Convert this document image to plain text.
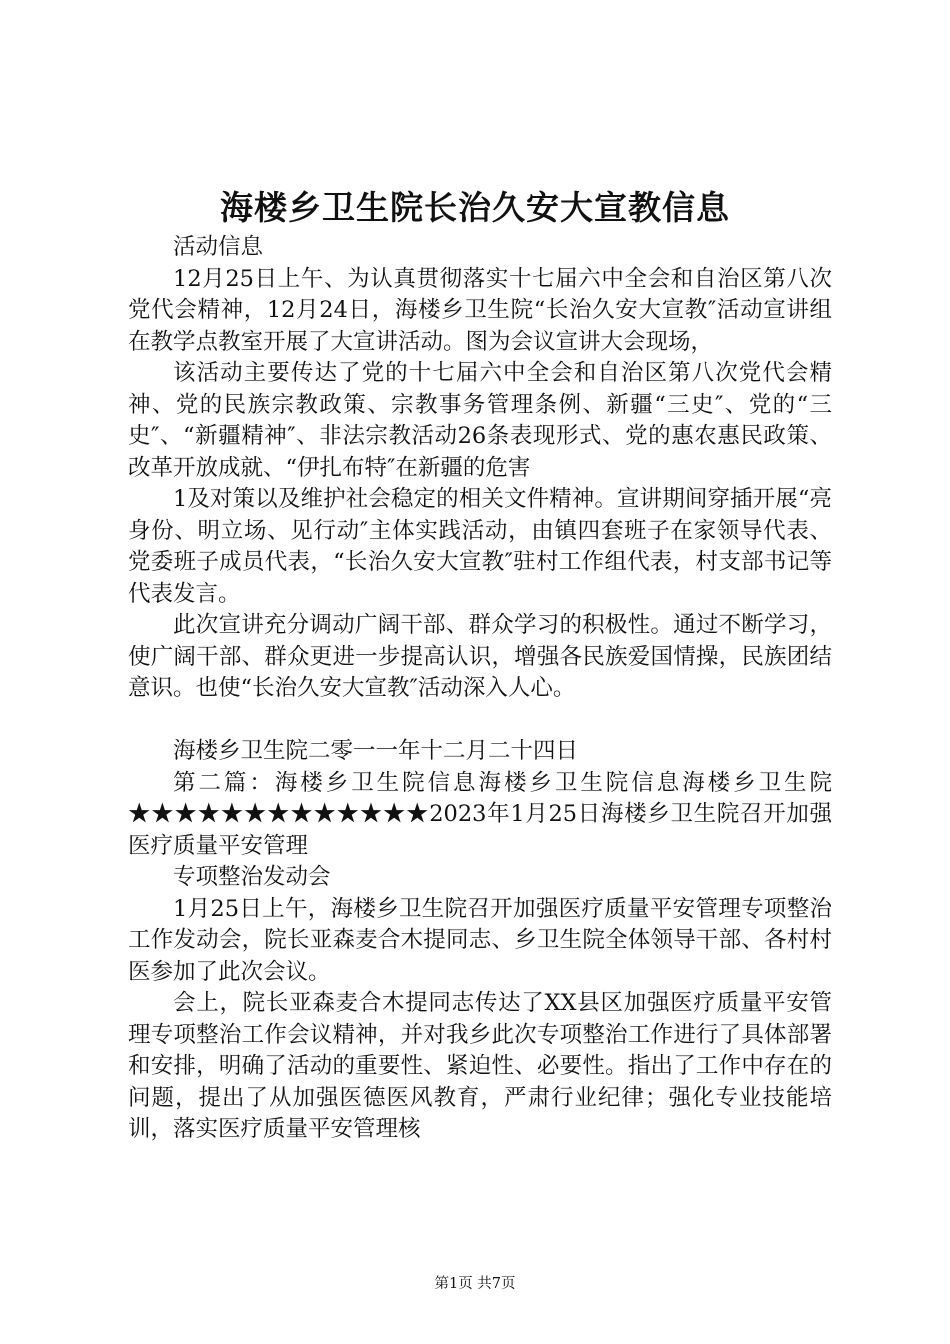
海楼乡卫生院长治久安大宣教信息

活动信息

12月25日上午、为认真贯彻落实十七届六中全会和自治区第八次党代会精神，12月24日，海楼乡卫生院“长治久安大宣教″活动宣讲组在教学点教室开展了大宣讲活动。图为会议宣讲大会现场，

该活动主要传达了党的十七届六中全会和自治区第八次党代会精神、党的民族宗教政策、宗教事务管理条例、新疆“三史″、党的“三史″、“新疆精神″、非法宗教活动26条表现形式、党的惠农惠民政策、改革开放成就、“伊扎布特″在新疆的危害

1及对策以及维护社会稳定的相关文件精神。宣讲期间穿插开展“亮身份、明立场、见行动″主体实践活动，由镇四套班子在家领导代表、党委班子成员代表，“长治久安大宣教″驻村工作组代表，村支部书记等代表发言。

此次宣讲充分调动广阔干部、群众学习的积极性。通过不断学习，使广阔干部、群众更进一步提高认识，增强各民族爱国情操，民族团结意识。也使“长治久安大宣教″活动深入人心。

海楼乡卫生院二零一一年十二月二十四日

第二篇：海楼乡卫生院信息海楼乡卫生院信息海楼乡卫生院★★★★★★★★★★★★★2023年1月25日海楼乡卫生院召开加强医疗质量平安管理

专项整治发动会

1月25日上午，海楼乡卫生院召开加强医疗质量平安管理专项整治工作发动会，院长亚森麦合木提同志、乡卫生院全体领导干部、各村村医参加了此次会议。

会上，院长亚森麦合木提同志传达了XX县区加强医疗质量平安管理专项整治工作会议精神，并对我乡此次专项整治工作进行了具体部署和安排，明确了活动的重要性、紧迫性、必要性。指出了工作中存在的问题，提出了从加强医德医风教育，严肃行业纪律；强化专业技能培训，落实医疗质量平安管理核

第1页 共7页
